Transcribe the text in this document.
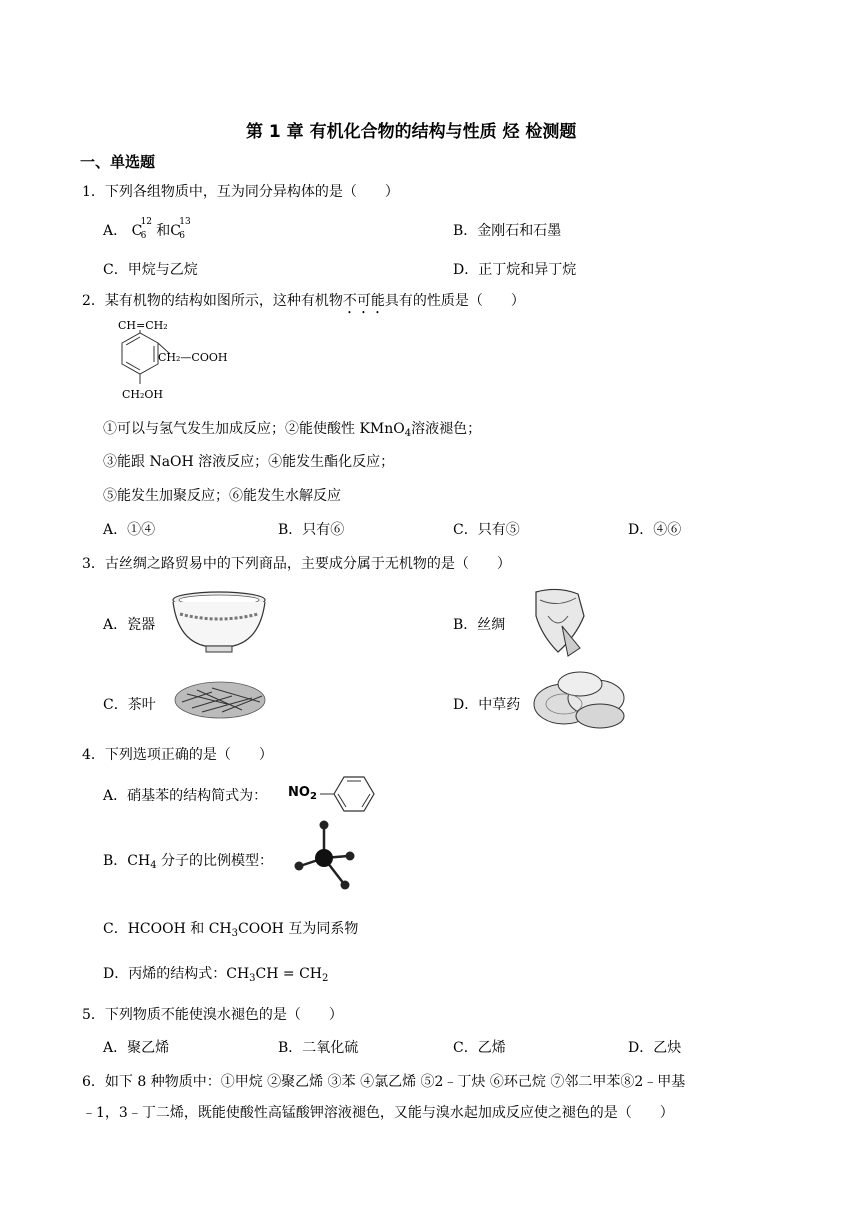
第 1 章 有机化合物的结构与性质 烃 检测题
一、单选题
1．下列各组物质中，互为同分异构体的是（　　）
A． C
12
6 和C
13
6	B．金刚石和石墨
C．甲烷与乙烷	D．正丁烷和异丁烷
2．某有机物的结构如图所示，这种有机物不可能具有的性质是（　　）
CH=CH₂
CH₂—COOH
CH₂OH
①可以与氢气发生加成反应；②能使酸性 KMnO$_4$溶液褪色；
③能跟 NaOH 溶液反应；④能发生酯化反应；
⑤能发生加聚反应；⑥能发生水解反应
A．①④	B．只有⑥	C．只有⑤	D．④⑥
3．古丝绸之路贸易中的下列商品，主要成分属于无机物的是（　　）
A．瓷器	B．丝绸
C．茶叶	D．中草药
4．下列选项正确的是（　　）
A．硝基苯的结构简式为： $NO_2$
B．$CH_4$ 分子的比例模型：
C．HCOOH 和 $CH_3COOH$ 互为同系物
D．丙烯的结构式：$CH_3CH = CH_2$
5．下列物质不能使溴水褪色的是（　　）
A．聚乙烯	B．二氧化硫	C．乙烯	D．乙炔
6．如下 8 种物质中：①甲烷 ②聚乙烯 ③苯 ④氯乙烯 ⑤2﹣丁炔 ⑥环己烷 ⑦邻二甲苯⑧2﹣甲基
﹣1，3﹣丁二烯，既能使酸性高锰酸钾溶液褪色，又能与溴水起加成反应使之褪色的是（　　）
